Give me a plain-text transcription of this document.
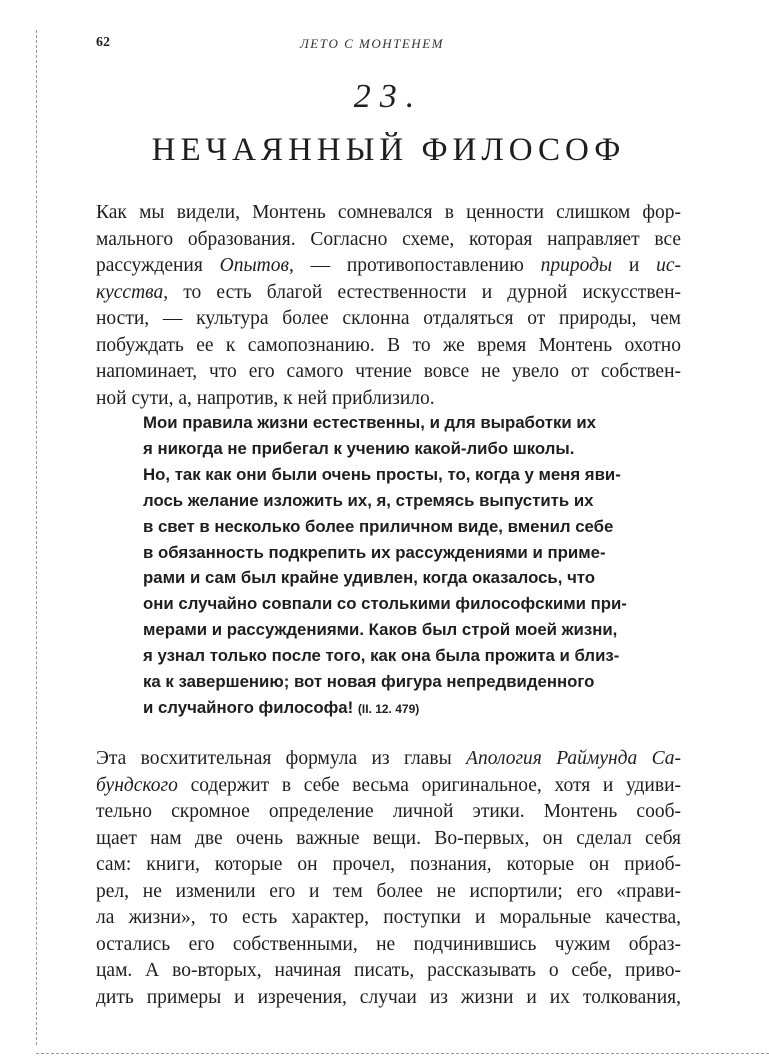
62	ЛЕТО С МОНТЕНЕМ
23.
НЕЧАЯННЫЙ ФИЛОСОФ
Как мы видели, Монтень сомневался в ценности слишком фор-
мального образования. Согласно схеме, которая направляет все
рассуждения Опытов, — противопоставлению природы и ис-
кусства, то есть благой естественности и дурной искусствен-
ности, — культура более склонна отдаляться от природы, чем
побуждать ее к самопознанию. В то же время Монтень охотно
напоминает, что его самого чтение вовсе не увело от собствен-
ной сути, а, напротив, к ней приблизило.
Мои правила жизни естественны, и для выработки их
я никогда не прибегал к учению какой-либо школы.
Но, так как они были очень просты, то, когда у меня яви-
лось желание изложить их, я, стремясь выпустить их
в свет в несколько более приличном виде, вменил себе
в обязанность подкрепить их рассуждениями и приме-
рами и сам был крайне удивлен, когда оказалось, что
они случайно совпали со столькими философскими при-
мерами и рассуждениями. Каков был строй моей жизни,
я узнал только после того, как она была прожита и близ-
ка к завершению; вот новая фигура непредвиденного
и случайного философа! (II. 12. 479)
Эта восхитительная формула из главы Апология Раймунда Са-
бундского содержит в себе весьма оригинальное, хотя и удиви-
тельно скромное определение личной этики. Монтень сооб-
щает нам две очень важные вещи. Во-первых, он сделал себя
сам: книги, которые он прочел, познания, которые он приоб-
рел, не изменили его и тем более не испортили; его «прави-
ла жизни», то есть характер, поступки и моральные качества,
остались его собственными, не подчинившись чужим образ-
цам. А во-вторых, начиная писать, рассказывать о себе, приво-
дить примеры и изречения, случаи из жизни и их толкования,
